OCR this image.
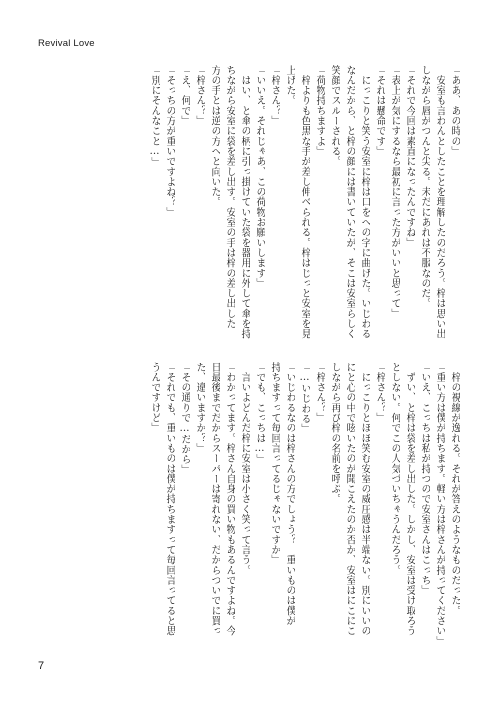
Revival Love
「ああ、あの時の」
　安室も言わんとしたことを理解したのだろう。梓は思い出
しながら唇がつんと尖る。未だにあれは不服なのだ。
「それで今回は素直になったんですね」
「表上が気にするなら最初に言った方がいいと思って」
「それは懸命です」
　にっこりと笑う安室に梓は口をへの字に曲げた。いじわる
なんだから、と梓の顔には書いていたが、そこは安室らしく
笑顔でスルーされる。
「荷物持ちますよ」
　梓よりも色黒な手が差し伸べられる。梓はじっと安室を見
上げた。
「梓さん？」
「いいえ。それじゃあ、この荷物お願いします」
　はい、と傘の柄に引っ掛けていた袋を器用に外して傘を持
ちながら安室に袋を差し出す。安室の手は梓の差し出した
方の手とは逆の方へと向いた。
「梓さん？」
「え、何で」
「そっちの方が重いですよね？」
「別にそんなこと…」
　梓の視線が逸れる。それが答えのようなものだった。
「重い方は僕が持ちます。軽い方は梓さんが持ってください」
「いえ、こっちは私が持つので安室さんはこっち」
　ずい、と梓は袋を差し出した。しかし、安室は受け取ろう
としない。何でこの人気づいちゃうんだろう。
「梓さん？」
　にっこりとほほ笑む安室の威圧感は半端ない。別にいいの
にと心の中で呟いたのが聞こえたのか否か、安室はにこにこ
しながら再び梓の名前を呼ぶ。
「梓さん？」
「…いじわる」
「いじわるなのは梓さんの方でしょう？　重いものは僕が
持ちますって毎回言ってるじゃないですか」
「でも、こっちは…」
　言いよどんだ梓に安室は小さく笑って言う。
「わかってます。梓さん自身の買い物もあるんですよね。今
日最後までだからスーパーは寄れない、だからついでに買っ
た、違いますか？」
「その通りで…だから」
「それでも、重いものは僕が持ちますって毎回言ってると思
うんですけど」
7
